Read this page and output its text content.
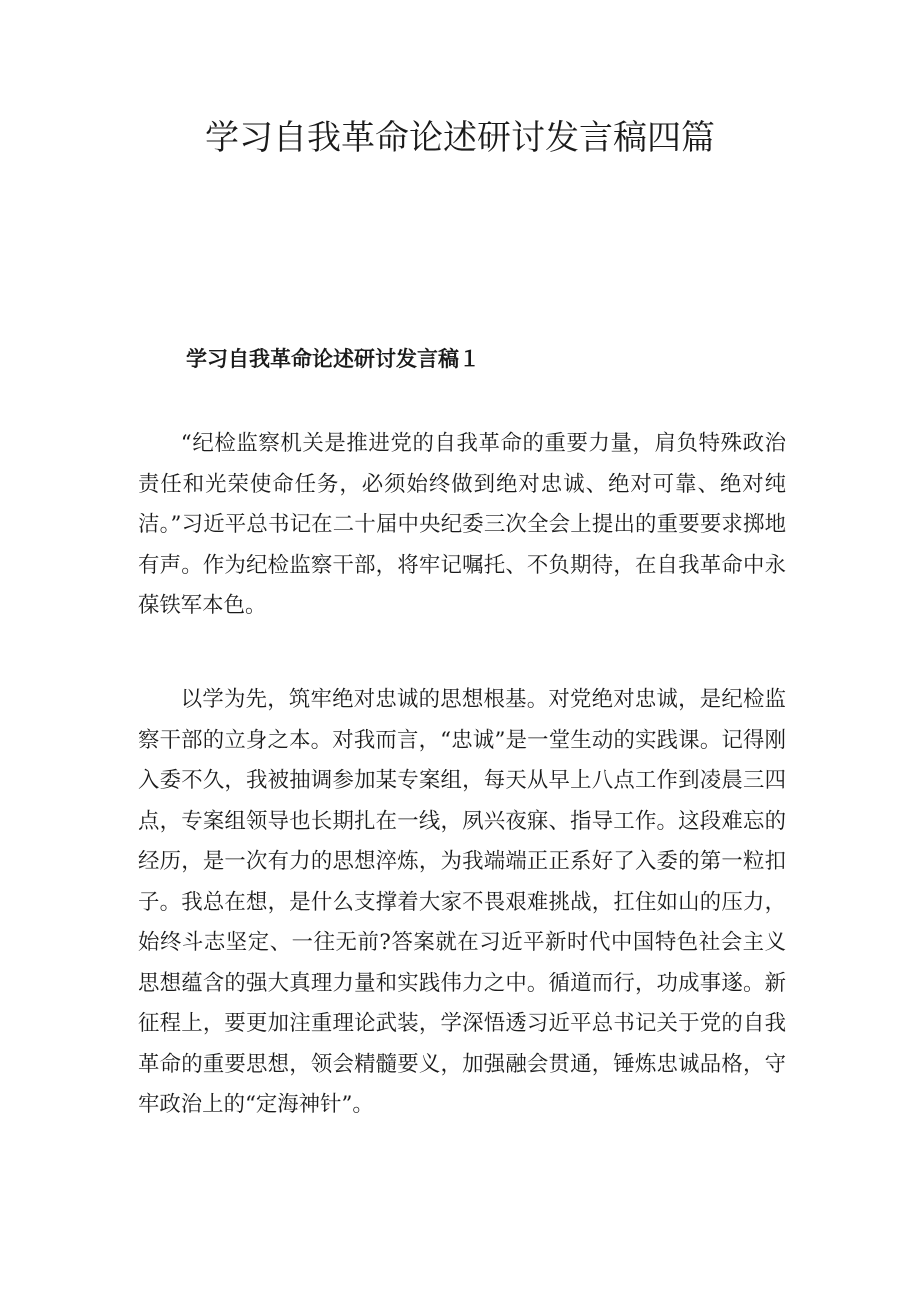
学习自我革命论述研讨发言稿四篇
学习自我革命论述研讨发言稿１

“纪检监察机关是推进党的自我革命的重要力量，肩负特殊政治责任和光荣使命任务，必须始终做到绝对忠诚、绝对可靠、绝对纯洁。”习近平总书记在二十届中央纪委三次全会上提出的重要要求掷地有声。作为纪检监察干部，将牢记嘱托、不负期待，在自我革命中永葆铁军本色。

以学为先，筑牢绝对忠诚的思想根基。对党绝对忠诚，是纪检监察干部的立身之本。对我而言，“忠诚”是一堂生动的实践课。记得刚入委不久，我被抽调参加某专案组，每天从早上八点工作到凌晨三四点，专案组领导也长期扎在一线，夙兴夜寐、指导工作。这段难忘的经历，是一次有力的思想淬炼，为我端端正正系好了入委的第一粒扣子。我总在想，是什么支撑着大家不畏艰难挑战，扛住如山的压力，始终斗志坚定、一往无前?答案就在习近平新时代中国特色社会主义思想蕴含的强大真理力量和实践伟力之中。循道而行，功成事遂。新征程上，要更加注重理论武装，学深悟透习近平总书记关于党的自我革命的重要思想，领会精髓要义，加强融会贯通，锤炼忠诚品格，守牢政治上的“定海神针”。
